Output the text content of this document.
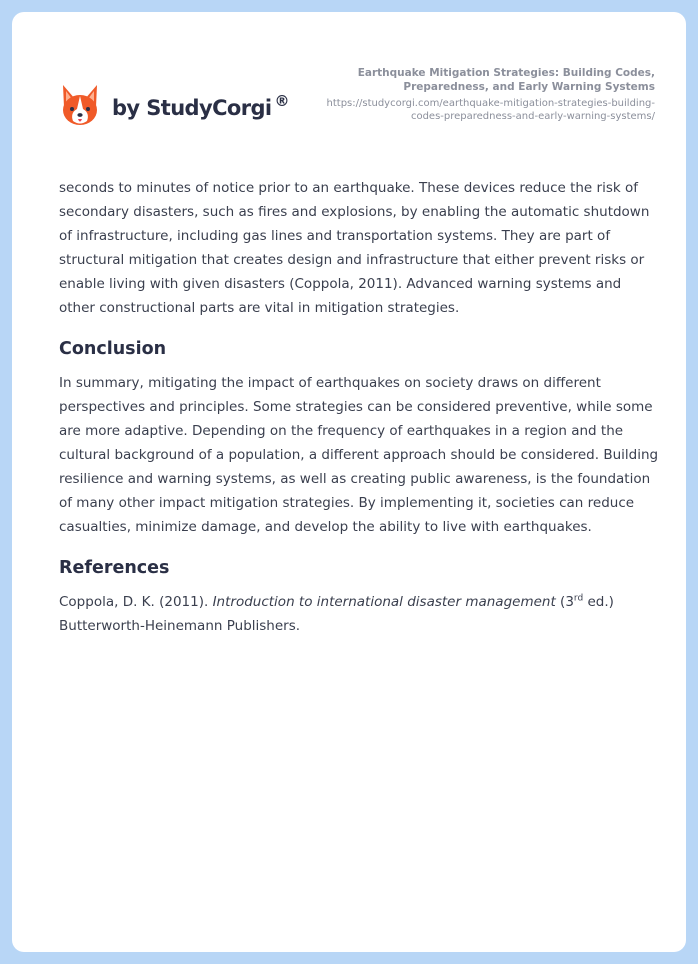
by StudyCorgi ®
Earthquake Mitigation Strategies: Building Codes, Preparedness, and Early Warning Systems
https://studycorgi.com/earthquake-mitigation-strategies-building-codes-preparedness-and-early-warning-systems/

seconds to minutes of notice prior to an earthquake. These devices reduce the risk of secondary disasters, such as fires and explosions, by enabling the automatic shutdown of infrastructure, including gas lines and transportation systems. They are part of structural mitigation that creates design and infrastructure that either prevent risks or enable living with given disasters (Coppola, 2011). Advanced warning systems and other constructional parts are vital in mitigation strategies.

Conclusion

In summary, mitigating the impact of earthquakes on society draws on different perspectives and principles. Some strategies can be considered preventive, while some are more adaptive. Depending on the frequency of earthquakes in a region and the cultural background of a population, a different approach should be considered. Building resilience and warning systems, as well as creating public awareness, is the foundation of many other impact mitigation strategies. By implementing it, societies can reduce casualties, minimize damage, and develop the ability to live with earthquakes.

References

Coppola, D. K. (2011). Introduction to international disaster management (3rd ed.)
Butterworth-Heinemann Publishers.
